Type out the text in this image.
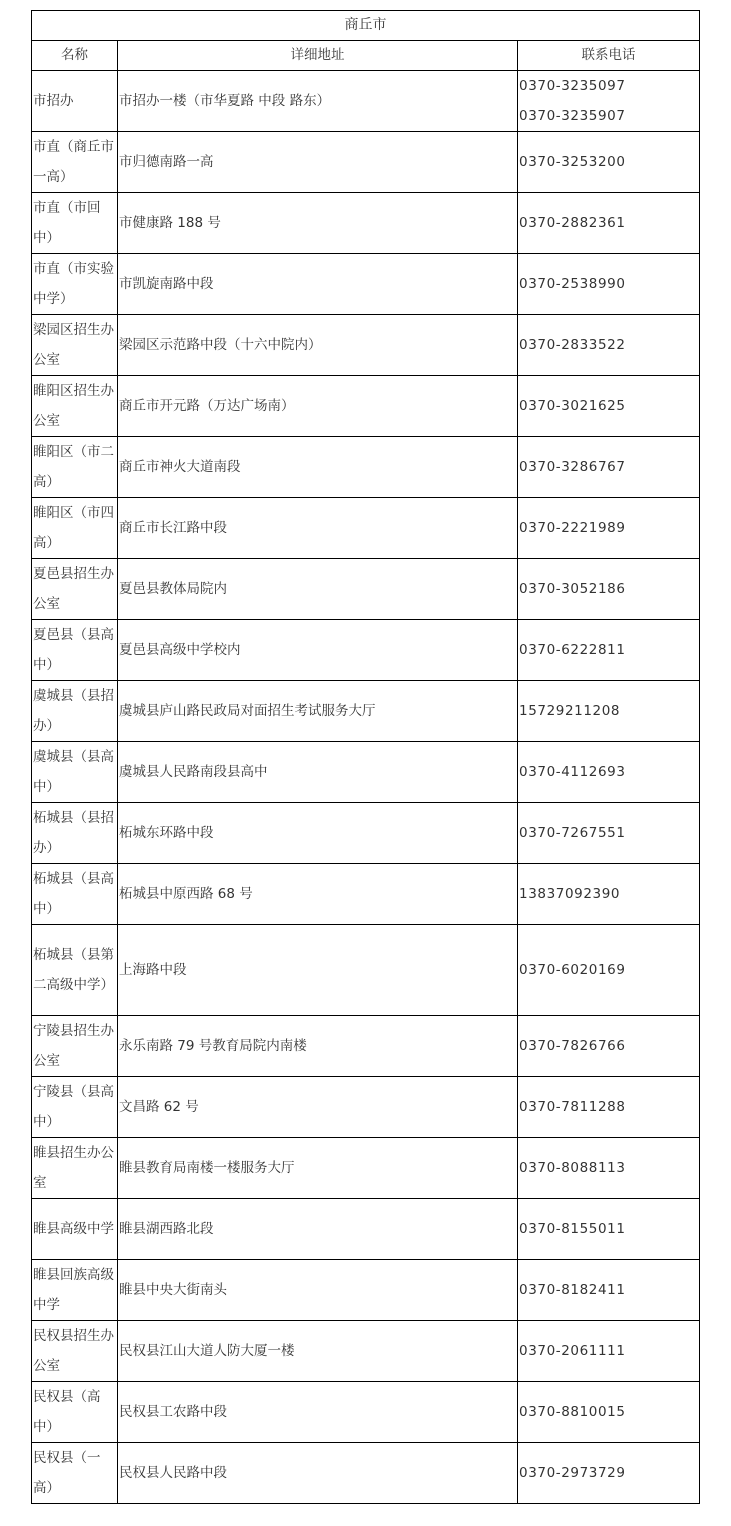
商丘市		
名称	详细地址	联系电话
市招办	市招办一楼（市华夏路 中段 路东）	0370-3235097
0370-3235907

市直（商丘市一高）	市归德南路一高	0370-3253200

市直（市回中）	市健康路 188 号	0370-2882361

市直（市实验中学）	市凯旋南路中段	0370-2538990

梁园区招生办公室	梁园区示范路中段（十六中院内）	0370-2833522

睢阳区招生办公室	商丘市开元路（万达广场南）	0370-3021625

睢阳区（市二高）	商丘市神火大道南段	0370-3286767

睢阳区（市四高）	商丘市长江路中段	0370-2221989

夏邑县招生办公室	夏邑县教体局院内	0370-3052186

夏邑县（县高中）	夏邑县高级中学校内	0370-6222811

虞城县（县招办）	虞城县庐山路民政局对面招生考试服务大厅	15729211208

虞城县（县高中）	虞城县人民路南段县高中	0370-4112693

柘城县（县招办）	柘城东环路中段	0370-7267551

柘城县（县高中）	柘城县中原西路 68 号	13837092390

柘城县（县第二高级中学）	上海路中段	0370-6020169

宁陵县招生办公室	永乐南路 79 号教育局院内南楼	0370-7826766

宁陵县（县高中）	文昌路 62 号	0370-7811288

睢县招生办公室	睢县教育局南楼一楼服务大厅	0370-8088113

睢县高级中学	睢县湖西路北段	0370-8155011

睢县回族高级中学	睢县中央大街南头	0370-8182411

民权县招生办公室	民权县江山大道人防大厦一楼	0370-2061111

民权县（高中）	民权县工农路中段	0370-8810015

民权县（一高）	民权县人民路中段	0370-2973729
